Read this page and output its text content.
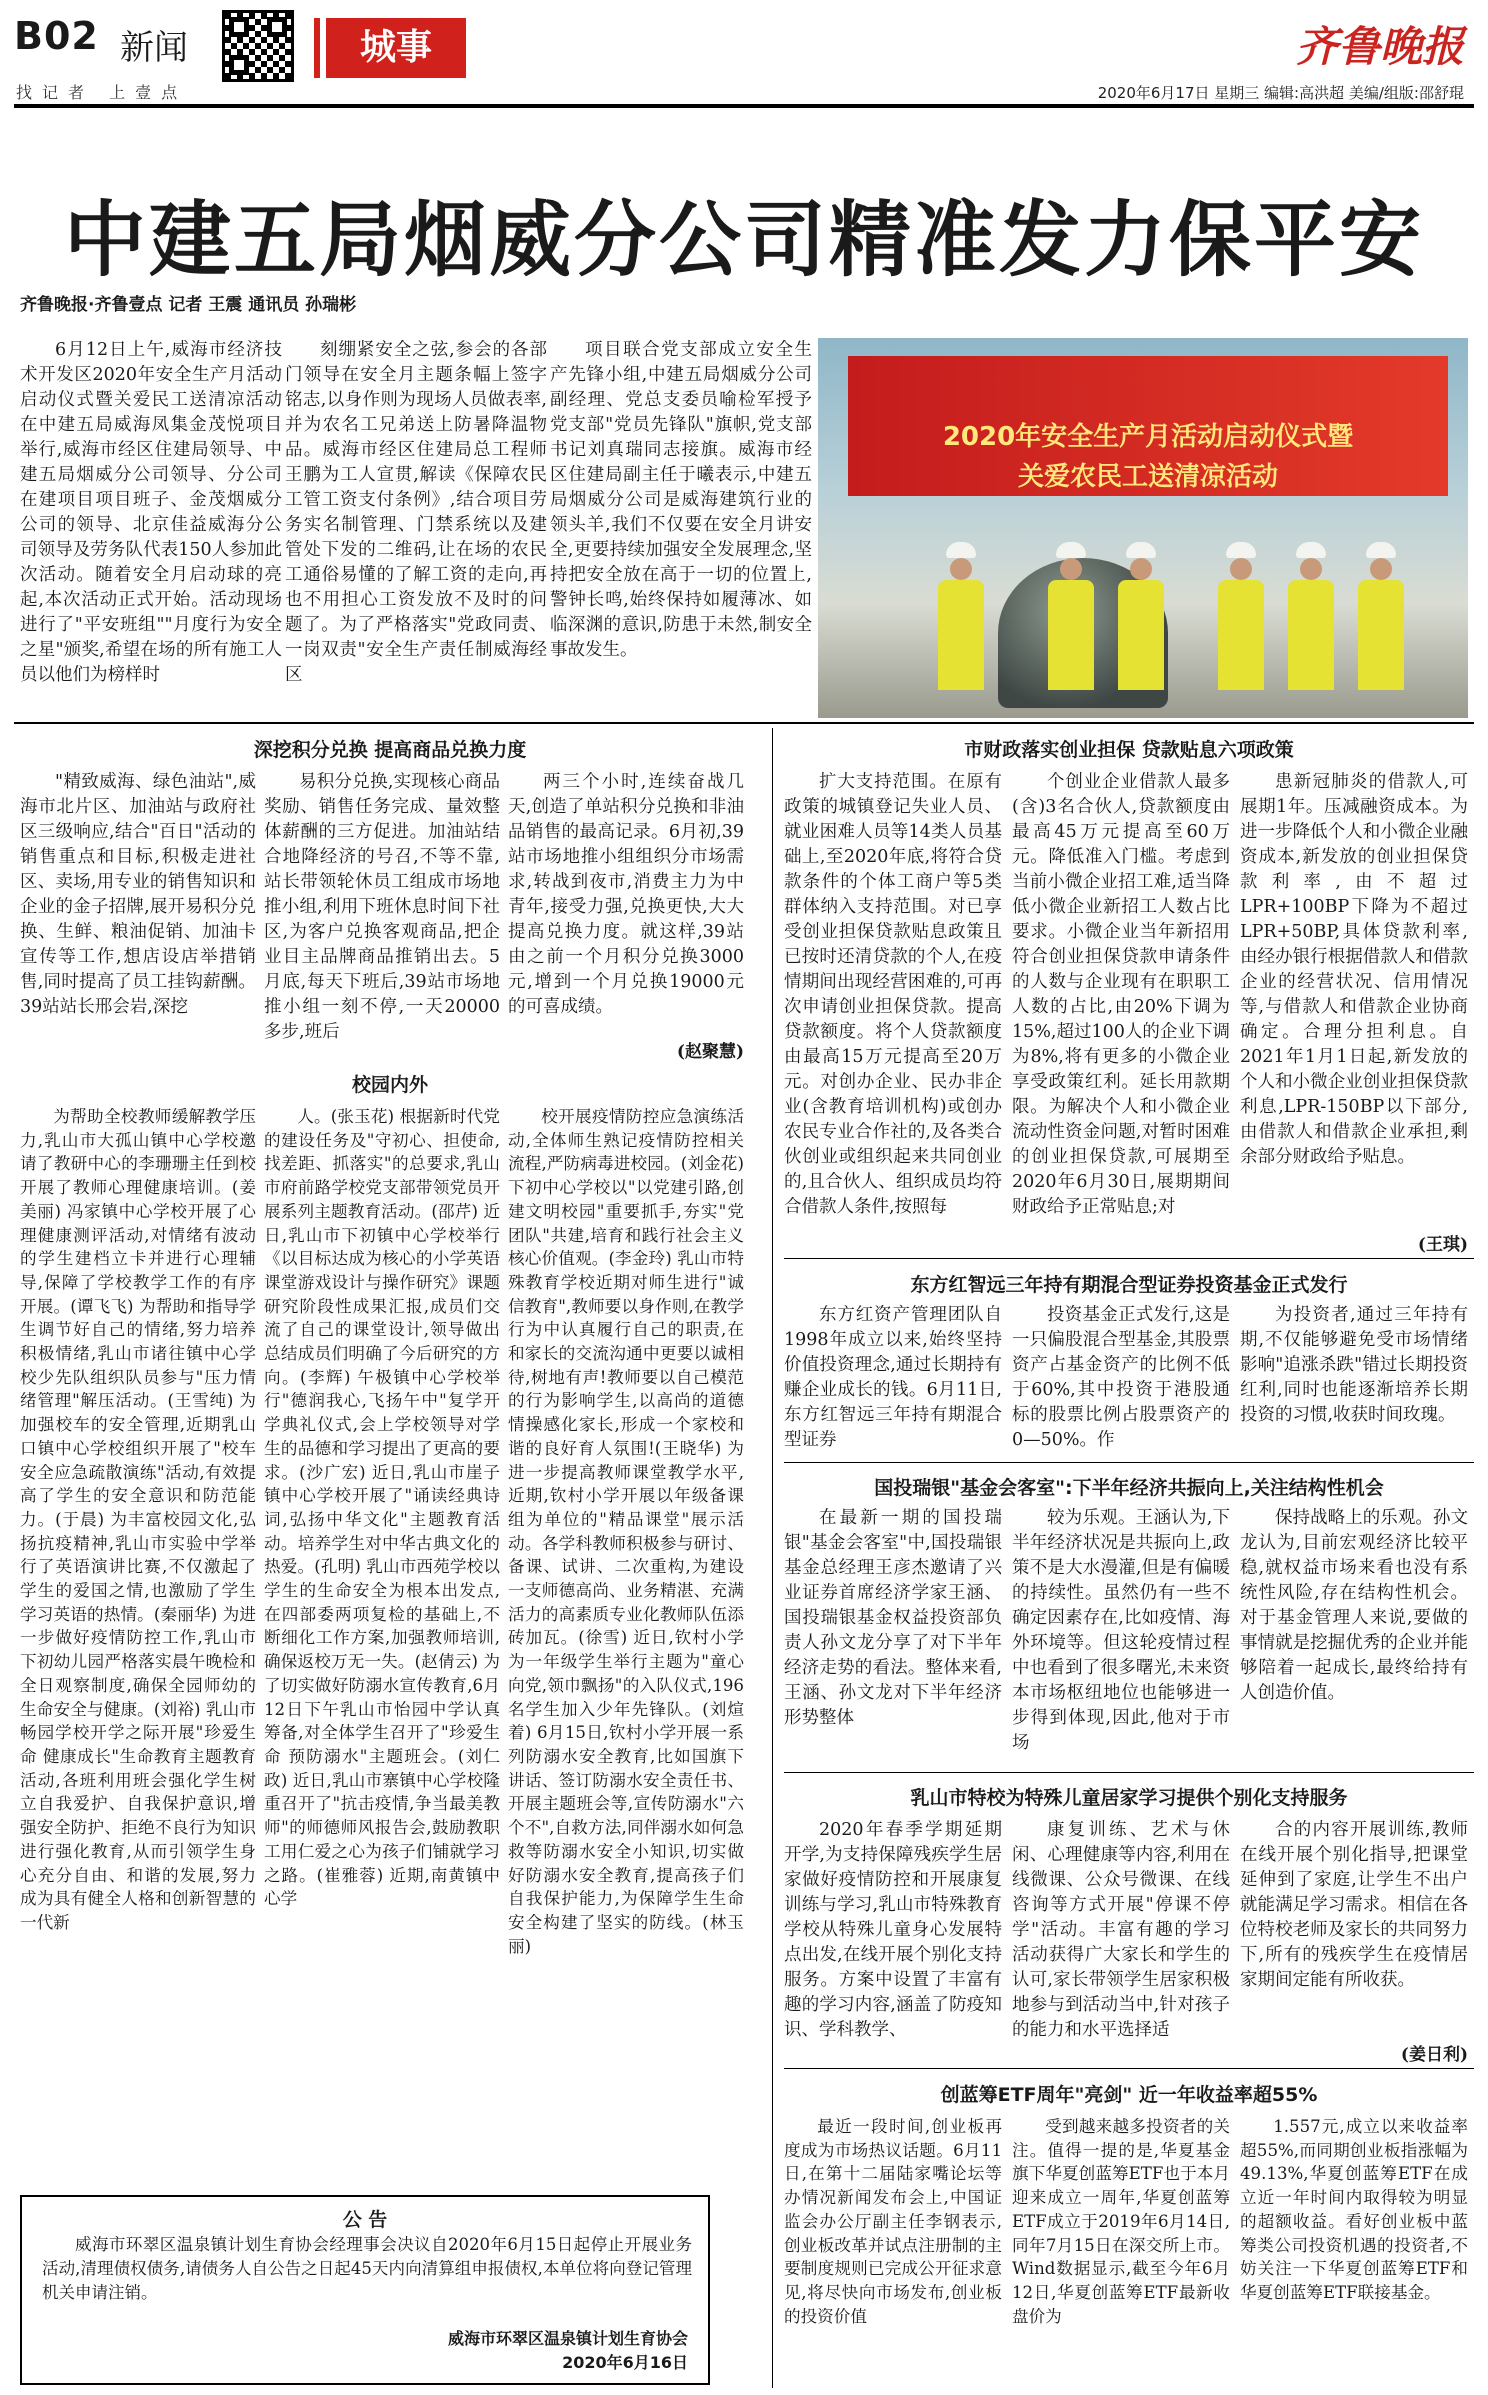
B02 新闻
找记者 上壹点
城事	齐鲁晚报
2020年6月17日 星期三 编辑:高洪超 美编/组版:邵舒琨
中建五局烟威分公司精准发力保平安
齐鲁晚报·齐鲁壹点 记者 王震 通讯员 孙瑞彬
6月12日上午,威海市经济技术开发区2020年安全生产月活动启动仪式暨关爱民工送清凉活动在中建五局威海凤集金茂悦项目举行,威海市经区住建局领导、中建五局烟威分公司领导、分公司在建项目项目班子、金茂烟威分公司的领导、北京佳益威海分公司领导及劳务队代表150人参加此次活动。随着安全月启动球的亮起,本次活动正式开始。活动现场进行了"平安班组""月度行为安全之星"颁奖,希望在场的所有施工人员以他们为榜样时
刻绷紧安全之弦,参会的各部门领导在安全月主题条幅上签字铭志,以身作则为现场人员做表率,并为农名工兄弟送上防暑降温物品。威海市经区住建局总工程师王鹏为工人宣贯,解读《保障农民工管工资支付条例》,结合项目劳务实名制管理、门禁系统以及建管处下发的二维码,让在场的农民工通俗易懂的了解工资的走向,再也不用担心工资发放不及时的问题了。为了严格落实"党政同责、一岗双责"安全生产责任制威海经区
项目联合党支部成立安全生产先锋小组,中建五局烟威分公司副经理、党总支委员喻检军授予党支部"党员先锋队"旗帜,党支部书记刘真瑞同志接旗。威海市经区住建局副主任于曦表示,中建五局烟威分公司是威海建筑行业的领头羊,我们不仅要在安全月讲安全,更要持续加强安全发展理念,坚持把安全放在高于一切的位置上,警钟长鸣,始终保持如履薄冰、如临深渊的意识,防患于未然,制安全事故发生。
2020年安全生产月活动启动仪式暨
关爱农民工送清凉活动
深挖积分兑换 提高商品兑换力度
"精致威海、绿色油站",威海市北片区、加油站与政府社区三级响应,结合"百日"活动的销售重点和目标,积极走进社区、卖场,用专业的销售知识和企业的金子招牌,展开易积分兑换、生鲜、粮油促销、加油卡宣传等工作,想店设店举措销售,同时提高了员工挂钩薪酬。39站站长邢会岩,深挖
易积分兑换,实现核心商品奖励、销售任务完成、量效整体薪酬的三方促进。加油站结合地降经济的号召,不等不靠,站长带领轮休员工组成市场地推小组,利用下班休息时间下社区,为客户兑换客观商品,把企业目主品牌商品推销出去。5月底,每天下班后,39站市场地推小组一刻不停,一天20000多步,班后
两三个小时,连续奋战几天,创造了单站积分兑换和非油品销售的最高记录。6月初,39站市场地推小组组织分市场需求,转战到夜市,消费主力为中青年,接受力强,兑换更快,大大提高兑换力度。就这样,39站由之前一个月积分兑换3000元,增到一个月兑换19000元的可喜成绩。
(赵聚慧)
校园内外
为帮助全校教师缓解教学压力,乳山市大孤山镇中心学校邀请了教研中心的李珊珊主任到校开展了教师心理健康培训。(姜美丽) 冯家镇中心学校开展了心理健康测评活动,对情绪有波动的学生建档立卡并进行心理辅导,保障了学校教学工作的有序开展。(谭飞飞) 为帮助和指导学生调节好自己的情绪,努力培养积极情绪,乳山市诸往镇中心学校少先队组织队员参与"压力情绪管理"解压活动。(王雪纯) 为加强校车的安全管理,近期乳山口镇中心学校组织开展了"校车安全应急疏散演练"活动,有效提高了学生的安全意识和防范能力。(于晨) 为丰富校园文化,弘扬抗疫精神,乳山市实验中学举行了英语演讲比赛,不仅激起了学生的爱国之情,也激励了学生学习英语的热情。(秦丽华) 为进一步做好疫情防控工作,乳山市下初幼儿园严格落实晨午晚检和全日观察制度,确保全园师幼的生命安全与健康。(刘裕) 乳山市畅园学校开学之际开展"珍爱生命 健康成长"生命教育主题教育活动,各班利用班会强化学生树立自我爱护、自我保护意识,增强安全防护、拒绝不良行为知识进行强化教育,从而引领学生身心充分自由、和谐的发展,努力成为具有健全人格和创新智慧的一代新
人。(张玉花) 根据新时代党的建设任务及"守初心、担使命,找差距、抓落实"的总要求,乳山市府前路学校党支部带领党员开展系列主题教育活动。(邵芹) 近日,乳山市下初镇中心学校举行《以目标达成为核心的小学英语课堂游戏设计与操作研究》课题研究阶段性成果汇报,成员们交流了自己的课堂设计,领导做出总结成员们明确了今后研究的方向。(李辉) 午极镇中心学校举行"德润我心,飞扬午中"复学开学典礼仪式,会上学校领导对学生的品德和学习提出了更高的要求。(沙广宏) 近日,乳山市崖子镇中心学校开展了"诵读经典诗词,弘扬中华文化"主题教育活动。培养学生对中华古典文化的热爱。(孔明) 乳山市西苑学校以学生的生命安全为根本出发点,在四部委两项复检的基础上,不断细化工作方案,加强教师培训,确保返校万无一失。(赵倩云) 为了切实做好防溺水宣传教育,6月12日下午乳山市怡园中学认真筹备,对全体学生召开了"珍爱生命 预防溺水"主题班会。(刘仁政) 近日,乳山市寨镇中心学校隆重召开了"抗击疫情,争当最美教师"的师德师风报告会,鼓励教职工用仁爱之心为孩子们铺就学习之路。(崔雅蓉) 近期,南黄镇中心学
校开展疫情防控应急演练活动,全体师生熟记疫情防控相关流程,严防病毒进校园。(刘金花) 下初中心学校以"以党建引路,创建文明校园"重要抓手,夯实"党团队"共建,培育和践行社会主义核心价值观。(李金玲) 乳山市特殊教育学校近期对师生进行"诚信教育",教师要以身作则,在教学行为中认真履行自己的职责,在和家长的交流沟通中更要以诚相待,树地有声!教师要以自己模范的行为影响学生,以高尚的道德情操感化家长,形成一个家校和谐的良好育人氛围!(王晓华) 为进一步提高教师课堂教学水平,近期,钦村小学开展以年级备课组为单位的"精品课堂"展示活动。各学科教师积极参与研讨、备课、试讲、二次重构,为建设一支师德高尚、业务精湛、充满活力的高素质专业化教师队伍添砖加瓦。(徐雪) 近日,钦村小学为一年级学生举行主题为"童心向党,领巾飘扬"的入队仪式,196名学生加入少年先锋队。(刘煊着) 6月15日,钦村小学开展一系列防溺水安全教育,比如国旗下讲话、签订防溺水安全责任书、开展主题班会等,宣传防溺水"六个不",自救方法,同伴溺水如何急救等防溺水安全小知识,切实做好防溺水安全教育,提高孩子们自我保护能力,为保障学生生命安全构建了坚实的防线。(林玉丽)
公 告
威海市环翠区温泉镇计划生育协会经理事会决议自2020年6月15日起停止开展业务活动,清理债权债务,请债务人自公告之日起45天内向清算组申报债权,本单位将向登记管理机关申请注销。
威海市环翠区温泉镇计划生育协会
2020年6月16日
市财政落实创业担保 贷款贴息六项政策
扩大支持范围。在原有政策的城镇登记失业人员、就业困难人员等14类人员基础上,至2020年底,将符合贷款条件的个体工商户等5类群体纳入支持范围。对已享受创业担保贷款贴息政策且已按时还清贷款的个人,在疫情期间出现经营困难的,可再次申请创业担保贷款。提高贷款额度。将个人贷款额度由最高15万元提高至20万元。对创办企业、民办非企业(含教育培训机构)或创办农民专业合作社的,及各类合伙创业或组织起来共同创业的,且合伙人、组织成员均符合借款人条件,按照每
个创业企业借款人最多(含)3名合伙人,贷款额度由最高45万元提高至60万元。降低准入门槛。考虑到当前小微企业招工难,适当降低小微企业新招工人数占比要求。小微企业当年新招用符合创业担保贷款申请条件的人数与企业现有在职职工人数的占比,由20%下调为15%,超过100人的企业下调为8%,将有更多的小微企业享受政策红利。延长用款期限。为解决个人和小微企业流动性资金问题,对暂时困难的创业担保贷款,可展期至2020年6月30日,展期期间财政给予正常贴息;对
患新冠肺炎的借款人,可展期1年。压减融资成本。为进一步降低个人和小微企业融资成本,新发放的创业担保贷款利率,由不超过LPR+100BP下降为不超过LPR+50BP,具体贷款利率,由经办银行根据借款人和借款企业的经营状况、信用情况等,与借款人和借款企业协商确定。合理分担利息。自2021年1月1日起,新发放的个人和小微企业创业担保贷款利息,LPR-150BP以下部分,由借款人和借款企业承担,剩余部分财政给予贴息。
(王琪)
东方红智远三年持有期混合型证券投资基金正式发行
东方红资产管理团队自1998年成立以来,始终坚持价值投资理念,通过长期持有赚企业成长的钱。6月11日,东方红智远三年持有期混合型证券
投资基金正式发行,这是一只偏股混合型基金,其股票资产占基金资产的比例不低于60%,其中投资于港股通标的股票比例占股票资产的0—50%。作
为投资者,通过三年持有期,不仅能够避免受市场情绪影响"追涨杀跌"错过长期投资红利,同时也能逐渐培养长期投资的习惯,收获时间玫瑰。
国投瑞银"基金会客室":下半年经济共振向上,关注结构性机会
在最新一期的国投瑞银"基金会客室"中,国投瑞银基金总经理王彦杰邀请了兴业证券首席经济学家王涵、国投瑞银基金权益投资部负责人孙文龙分享了对下半年经济走势的看法。整体来看,王涵、孙文龙对下半年经济形势整体
较为乐观。王涵认为,下半年经济状况是共振向上,政策不是大水漫灌,但是有偏暖的持续性。虽然仍有一些不确定因素存在,比如疫情、海外环境等。但这轮疫情过程中也看到了很多曙光,未来资本市场枢纽地位也能够进一步得到体现,因此,他对于市场
保持战略上的乐观。孙文龙认为,目前宏观经济比较平稳,就权益市场来看也没有系统性风险,存在结构性机会。对于基金管理人来说,要做的事情就是挖掘优秀的企业并能够陪着一起成长,最终给持有人创造价值。
乳山市特校为特殊儿童居家学习提供个别化支持服务
2020年春季学期延期开学,为支持保障残疾学生居家做好疫情防控和开展康复训练与学习,乳山市特殊教育学校从特殊儿童身心发展特点出发,在线开展个别化支持服务。方案中设置了丰富有趣的学习内容,涵盖了防疫知识、学科教学、
康复训练、艺术与休闲、心理健康等内容,利用在线微课、公众号微课、在线咨询等方式开展"停课不停学"活动。丰富有趣的学习活动获得广大家长和学生的认可,家长带领学生居家积极地参与到活动当中,针对孩子的能力和水平选择适
合的内容开展训练,教师在线开展个别化指导,把课堂延伸到了家庭,让学生不出户就能满足学习需求。相信在各位特校老师及家长的共同努力下,所有的残疾学生在疫情居家期间定能有所收获。
(姜日利)
创蓝筹ETF周年"亮剑" 近一年收益率超55%
最近一段时间,创业板再度成为市场热议话题。6月11日,在第十二届陆家嘴论坛等办情况新闻发布会上,中国证监会办公厅副主任李钢表示,创业板改革并试点注册制的主要制度规则已完成公开征求意见,将尽快向市场发布,创业板的投资价值
受到越来越多投资者的关注。值得一提的是,华夏基金旗下华夏创蓝筹ETF也于本月迎来成立一周年,华夏创蓝筹ETF成立于2019年6月14日,同年7月15日在深交所上市。Wind数据显示,截至今年6月12日,华夏创蓝筹ETF最新收盘价为
1.557元,成立以来收益率超55%,而同期创业板指涨幅为49.13%,华夏创蓝筹ETF在成立近一年时间内取得较为明显的超额收益。看好创业板中蓝筹类公司投资机遇的投资者,不妨关注一下华夏创蓝筹ETF和华夏创蓝筹ETF联接基金。
